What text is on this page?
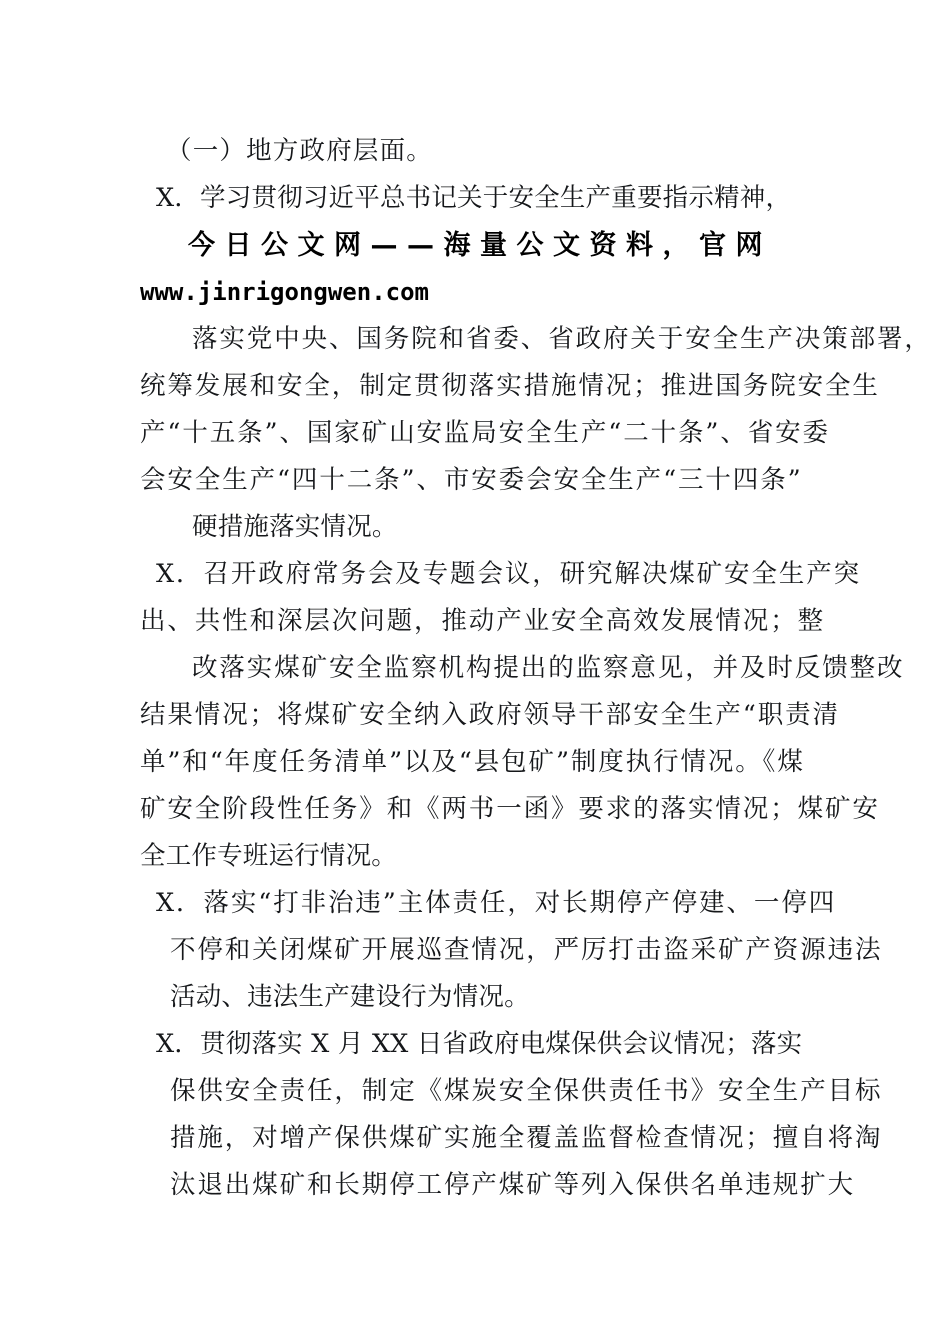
（一）地方政府层面。
X．学习贯彻习近平总书记关于安全生产重要指示精神，
今日公文网——海量公文资料，官网
www.jinrigongwen.com
落实党中央、国务院和省委、省政府关于安全生产决策部署，
统筹发展和安全，制定贯彻落实措施情况；推进国务院安全生
产“十五条”、国家矿山安监局安全生产“二十条”、省安委
会安全生产“四十二条”、市安委会安全生产“三十四条”
硬措施落实情况。
X．召开政府常务会及专题会议，研究解决煤矿安全生产突
出、共性和深层次问题，推动产业安全高效发展情况；整
改落实煤矿安全监察机构提出的监察意见，并及时反馈整改
结果情况；将煤矿安全纳入政府领导干部安全生产“职责清
单”和“年度任务清单”以及“县包矿”制度执行情况。《煤
矿安全阶段性任务》和《两书一函》要求的落实情况；煤矿安
全工作专班运行情况。
X．落实“打非治违”主体责任，对长期停产停建、一停四
不停和关闭煤矿开展巡查情况，严厉打击盗采矿产资源违法
活动、违法生产建设行为情况。
X．贯彻落实 X 月 XX 日省政府电煤保供会议情况；落实
保供安全责任，制定《煤炭安全保供责任书》安全生产目标
措施，对增产保供煤矿实施全覆盖监督检查情况；擅自将淘
汰退出煤矿和长期停工停产煤矿等列入保供名单违规扩大
